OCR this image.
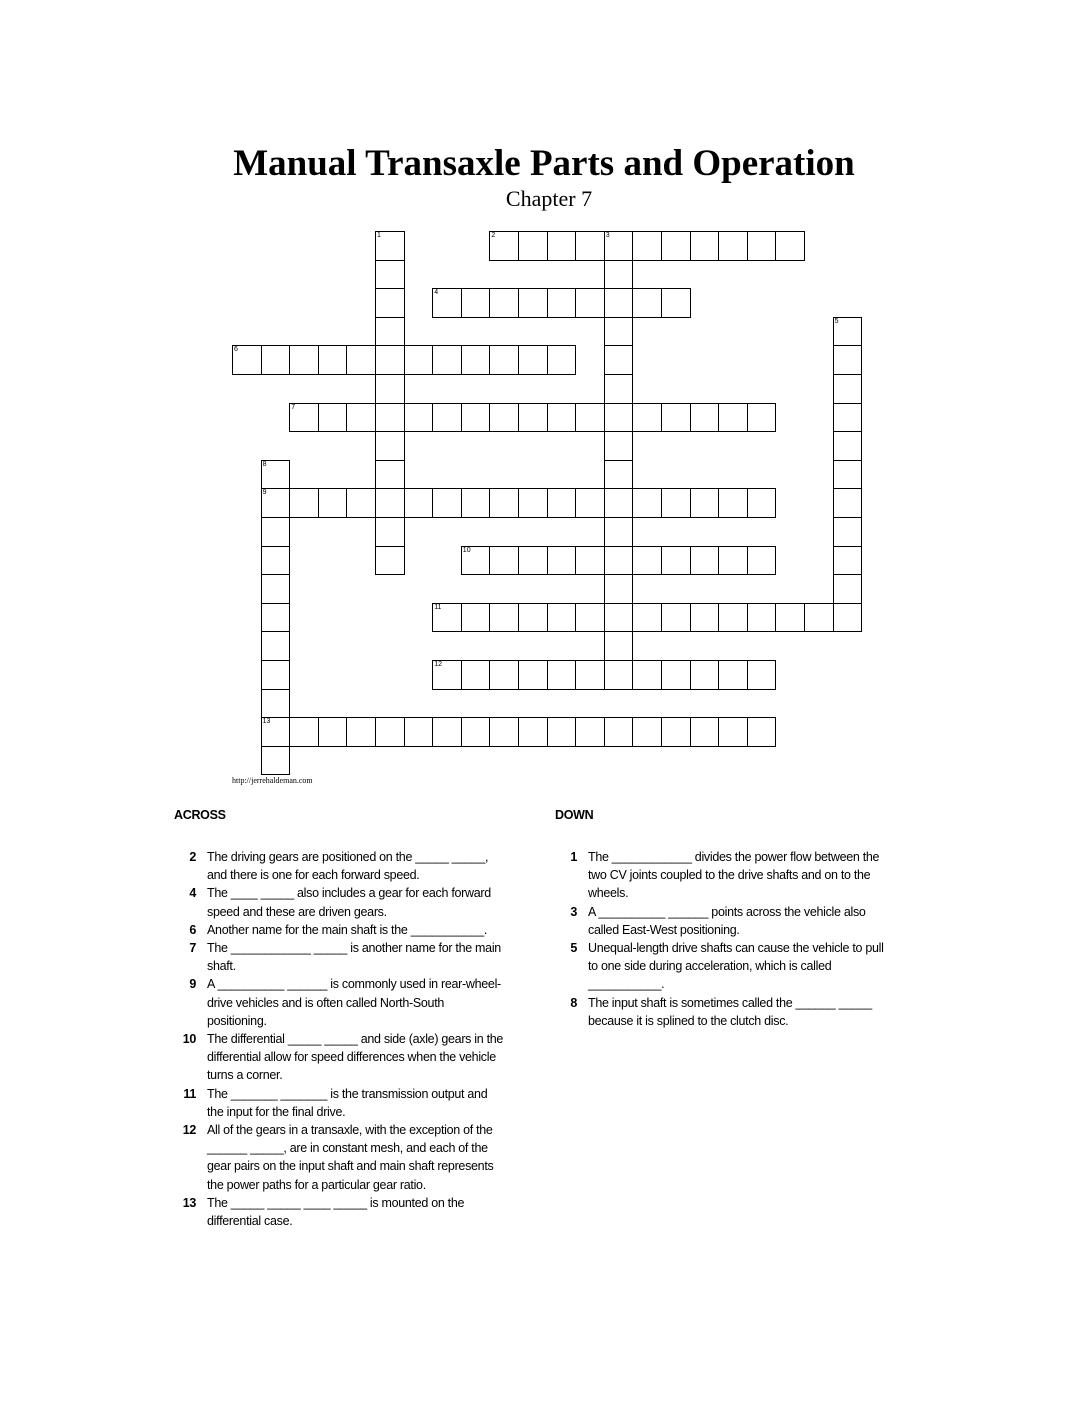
Manual Transaxle Parts and Operation
Chapter 7
1	2	3
4
5
6
7
8
9
13
10
11
12
http://jerrehaldeman.com
ACROSS
2 The driving gears are positioned on the _____ _____, and there is one for each forward speed.
4 The ____ _____ also includes a gear for each forward speed and these are driven gears.
6 Another name for the main shaft is the ___________.
7 The ____________ _____ is another name for the main shaft.
9 A __________ ______ is commonly used in rear-wheel-drive vehicles and is often called North-South positioning.
10 The differential _____ _____ and side (axle) gears in the differential allow for speed differences when the vehicle turns a corner.
11 The _______ _______ is the transmission output and the input for the final drive.
12 All of the gears in a transaxle, with the exception of the ______ _____, are in constant mesh, and each of the gear pairs on the input shaft and main shaft represents the power paths for a particular gear ratio.
13 The _____ _____ ____ _____ is mounted on the differential case.
DOWN
1 The ____________ divides the power flow between the two CV joints coupled to the drive shafts and on to the wheels.
3 A __________ ______ points across the vehicle also called East-West positioning.
5 Unequal-length drive shafts can cause the vehicle to pull to one side during acceleration, which is called ___________.
8 The input shaft is sometimes called the ______ _____ because it is splined to the clutch disc.
